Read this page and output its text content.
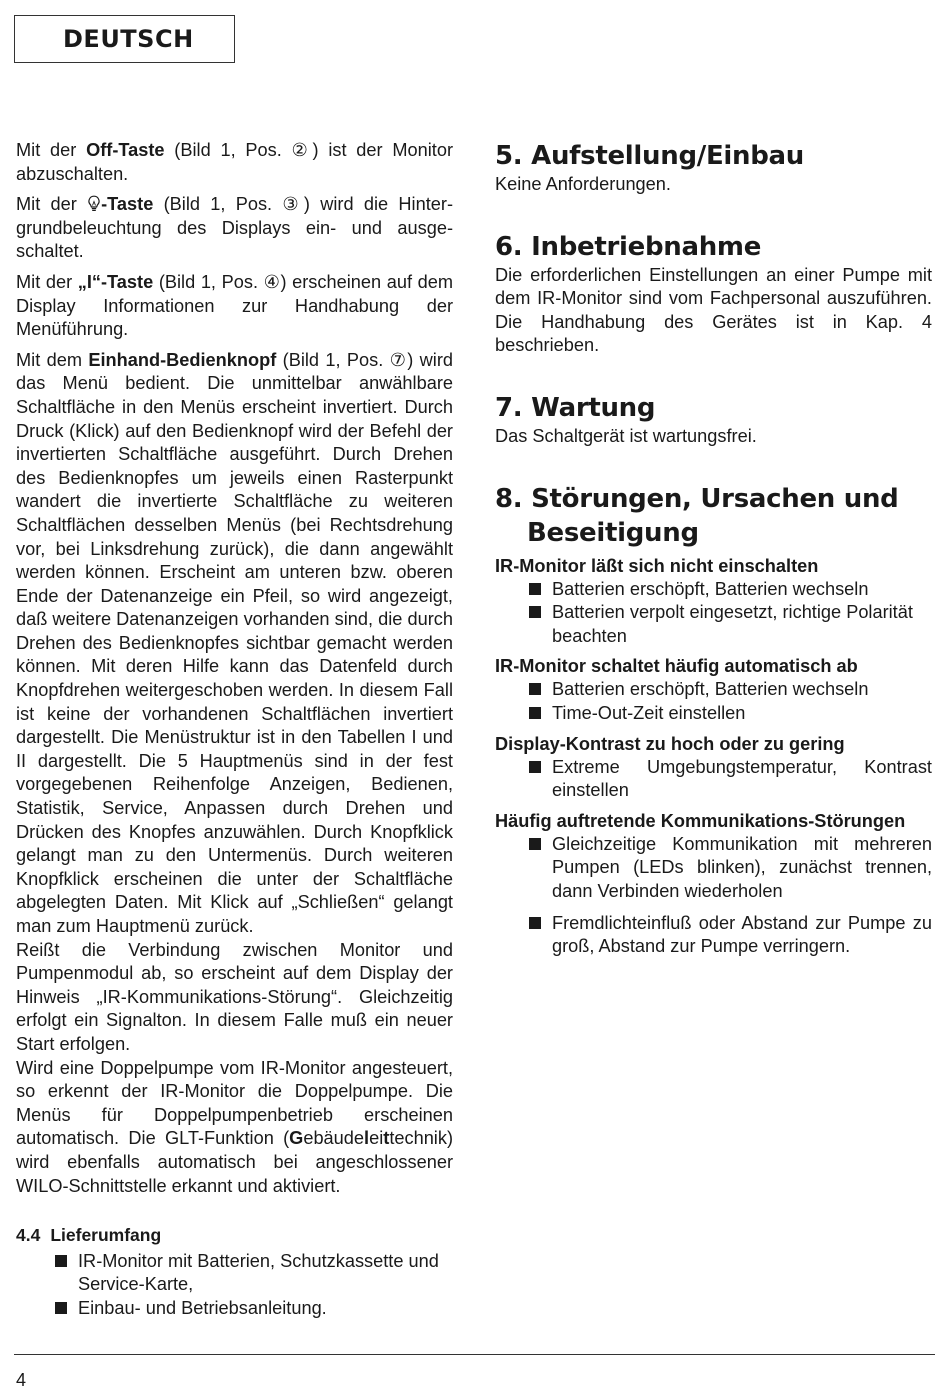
DEUTSCH

Mit der Off-Taste (Bild 1, Pos. ②) ist der Monitor abzuschalten.

Mit der -Taste (Bild 1, Pos. ③) wird die Hintergrundbeleuchtung des Displays ein- und ausgeschaltet.

Mit der „I“-Taste (Bild 1, Pos. ④) erscheinen auf dem Display Informationen zur Handhabung der Menüführung.

Mit dem Einhand-Bedienknopf (Bild 1, Pos. ⑦) wird das Menü bedient. Die unmittelbar anwählbare Schaltfläche in den Menüs erscheint invertiert. Durch Druck (Klick) auf den Bedienknopf wird der Befehl der invertierten Schaltfläche ausgeführt. Durch Drehen des Bedienknopfes um jeweils einen Rasterpunkt wandert die invertierte Schaltfläche zu weiteren Schaltflächen desselben Menüs (bei Rechtsdrehung vor, bei Linksdrehung zurück), die dann angewählt werden können. Erscheint am unteren bzw. oberen Ende der Datenanzeige ein Pfeil, so wird angezeigt, daß weitere Datenanzeigen vorhanden sind, die durch Drehen des Bedienknopfes sichtbar gemacht werden können. Mit deren Hilfe kann das Datenfeld durch Knopfdrehen weitergeschoben werden. In diesem Fall ist keine der vorhandenen Schaltflächen invertiert dargestellt. Die Menüstruktur ist in den Tabellen I und II dargestellt. Die 5 Hauptmenüs sind in der fest vorgegebenen Reihenfolge Anzeigen, Bedienen, Statistik, Service, Anpassen durch Drehen und Drücken des Knopfes anzuwählen. Durch Knopfklick gelangt man zu den Untermenüs. Durch weiteren Knopfklick erscheinen die unter der Schaltfläche abgelegten Daten. Mit Klick auf „Schließen“ gelangt man zum Hauptmenü zurück.

Reißt die Verbindung zwischen Monitor und Pumpenmodul ab, so erscheint auf dem Display der Hinweis „IR-Kommunikations-Störung“. Gleichzeitig erfolgt ein Signalton. In diesem Falle muß ein neuer Start erfolgen.

Wird eine Doppelpumpe vom IR-Monitor angesteuert, so erkennt der IR-Monitor die Doppelpumpe. Die Menüs für Doppelpumpenbetrieb erscheinen automatisch. Die GLT-Funktion (Gebäudeleittechnik) wird ebenfalls automatisch bei angeschlossener WILO-Schnittstelle erkannt und aktiviert.

4.4 Lieferumfang
IR-Monitor mit Batterien, Schutzkassette und Service-Karte,
Einbau- und Betriebsanleitung.
5. Aufstellung/Einbau

Keine Anforderungen.

6. Inbetriebnahme

Die erforderlichen Einstellungen an einer Pumpe mit dem IR-Monitor sind vom Fachpersonal auszuführen. Die Handhabung des Gerätes ist in Kap. 4 beschrieben.

7. Wartung

Das Schaltgerät ist wartungsfrei.

8. Störungen, Ursachen und Beseitigung
IR-Monitor läßt sich nicht einschalten
Batterien erschöpft, Batterien wechseln
Batterien verpolt eingesetzt, richtige Polarität beachten
IR-Monitor schaltet häufig automatisch ab
Batterien erschöpft, Batterien wechseln
Time-Out-Zeit einstellen
Display-Kontrast zu hoch oder zu gering
Extreme Umgebungstemperatur, Kontrast einstellen
Häufig auftretende Kommunikations-Störungen
Gleichzeitige Kommunikation mit mehreren Pumpen (LEDs blinken), zunächst trennen, dann Verbinden wiederholen
Fremdlichteinfluß oder Abstand zur Pumpe zu groß, Abstand zur Pumpe verringern.
4
